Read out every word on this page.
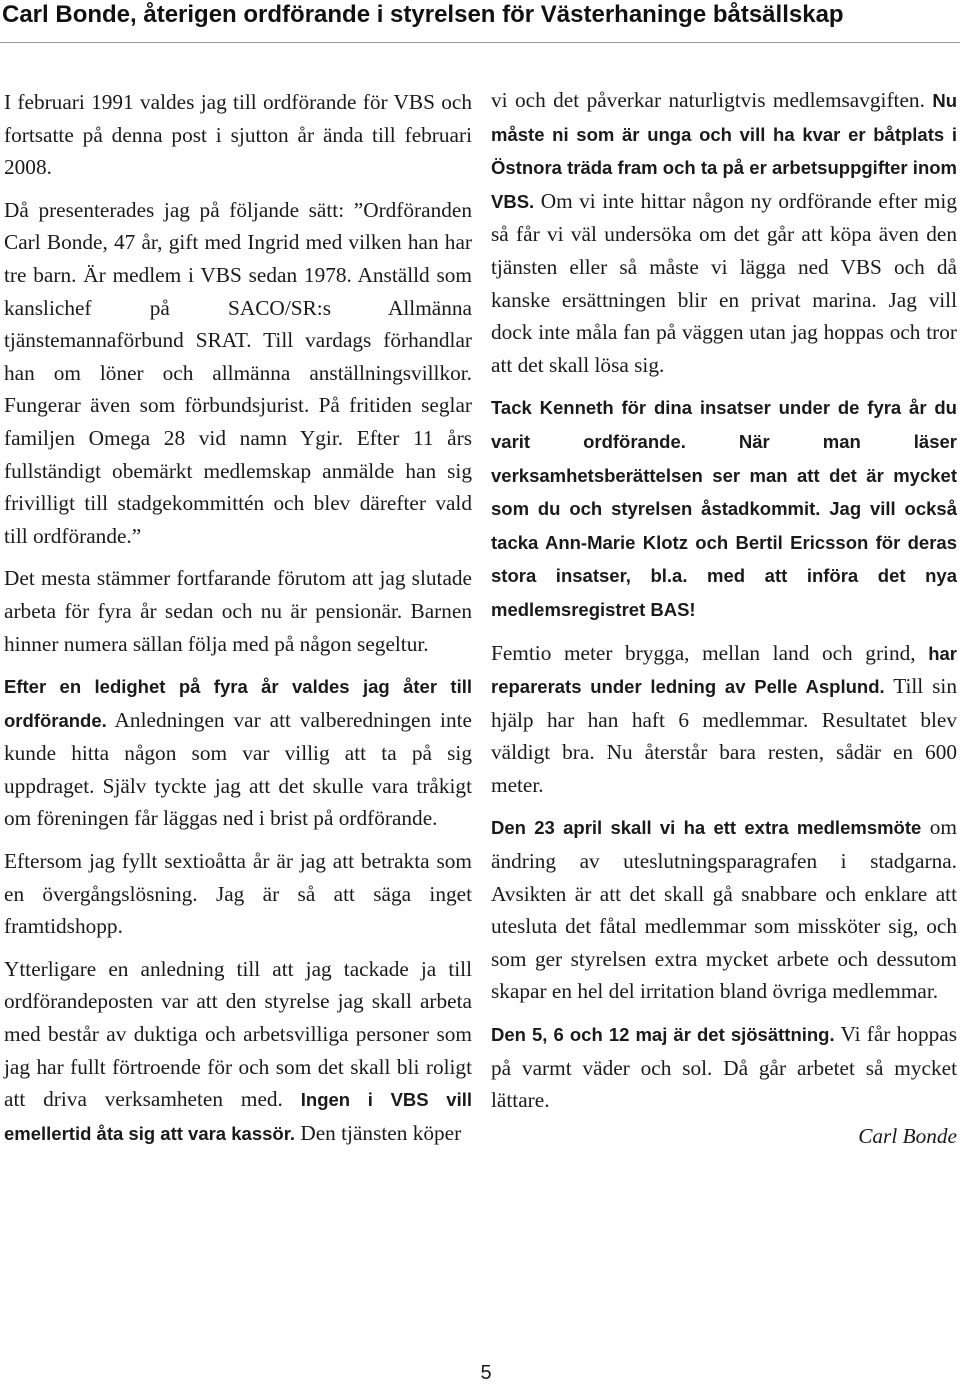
Carl Bonde, återigen ordförande i styrelsen för Västerhaninge båtsällskap

I februari 1991 valdes jag till ordförande för VBS och fortsatte på denna post i sjutton år ända till februari 2008.

Då presenterades jag på följande sätt: ”Ordföranden Carl Bonde, 47 år, gift med Ingrid med vilken han har tre barn. Är medlem i VBS sedan 1978. Anställd som kanslichef på SACO/SR:s Allmänna tjänstemannaförbund SRAT. Till vardags förhandlar han om löner och allmänna anställningsvillkor. Fungerar även som förbundsjurist. På fritiden seglar familjen Omega 28 vid namn Ygir. Efter 11 års fullständigt obemärkt medlemskap anmälde han sig frivilligt till stadgekommittén och blev därefter vald till ordförande.”

Det mesta stämmer fortfarande förutom att jag slutade arbeta för fyra år sedan och nu är pensionär. Barnen hinner numera sällan följa med på någon segeltur.

Efter en ledighet på fyra år valdes jag åter till ordförande. Anledningen var att valberedningen inte kunde hitta någon som var villig att ta på sig uppdraget. Själv tyckte jag att det skulle vara tråkigt om föreningen får läggas ned i brist på ordförande.

Eftersom jag fyllt sextioåtta år är jag att betrakta som en övergångslösning. Jag är så att säga inget framtidshopp.

Ytterligare en anledning till att jag tackade ja till ordförandeposten var att den styrelse jag skall arbeta med består av duktiga och arbetsvilliga personer som jag har fullt förtroende för och som det skall bli roligt att driva verksamheten med. Ingen i VBS vill emellertid åta sig att vara kassör. Den tjänsten köper

vi och det påverkar naturligtvis medlemsavgiften. Nu måste ni som är unga och vill ha kvar er båtplats i Östnora träda fram och ta på er arbetsuppgifter inom VBS. Om vi inte hittar någon ny ordförande efter mig så får vi väl undersöka om det går att köpa även den tjänsten eller så måste vi lägga ned VBS och då kanske ersättningen blir en privat marina. Jag vill dock inte måla fan på väggen utan jag hoppas och tror att det skall lösa sig.

Tack Kenneth för dina insatser under de fyra år du varit ordförande. När man läser verksamhetsberättelsen ser man att det är mycket som du och styrelsen åstadkommit. Jag vill också tacka Ann-Marie Klotz och Bertil Ericsson för deras stora insatser, bl.a. med att införa det nya medlemsregistret BAS!

Femtio meter brygga, mellan land och grind, har reparerats under ledning av Pelle Asplund. Till sin hjälp har han haft 6 medlemmar. Resultatet blev väldigt bra. Nu återstår bara resten, sådär en 600 meter.

Den 23 april skall vi ha ett extra medlemsmöte om ändring av uteslutningsparagrafen i stadgarna. Avsikten är att det skall gå snabbare och enklare att utesluta det fåtal medlemmar som missköter sig, och som ger styrelsen extra mycket arbete och dessutom skapar en hel del irritation bland övriga medlemmar.

Den 5, 6 och 12 maj är det sjösättning. Vi får hoppas på varmt väder och sol. Då går arbetet så mycket lättare.

Carl Bonde

5
